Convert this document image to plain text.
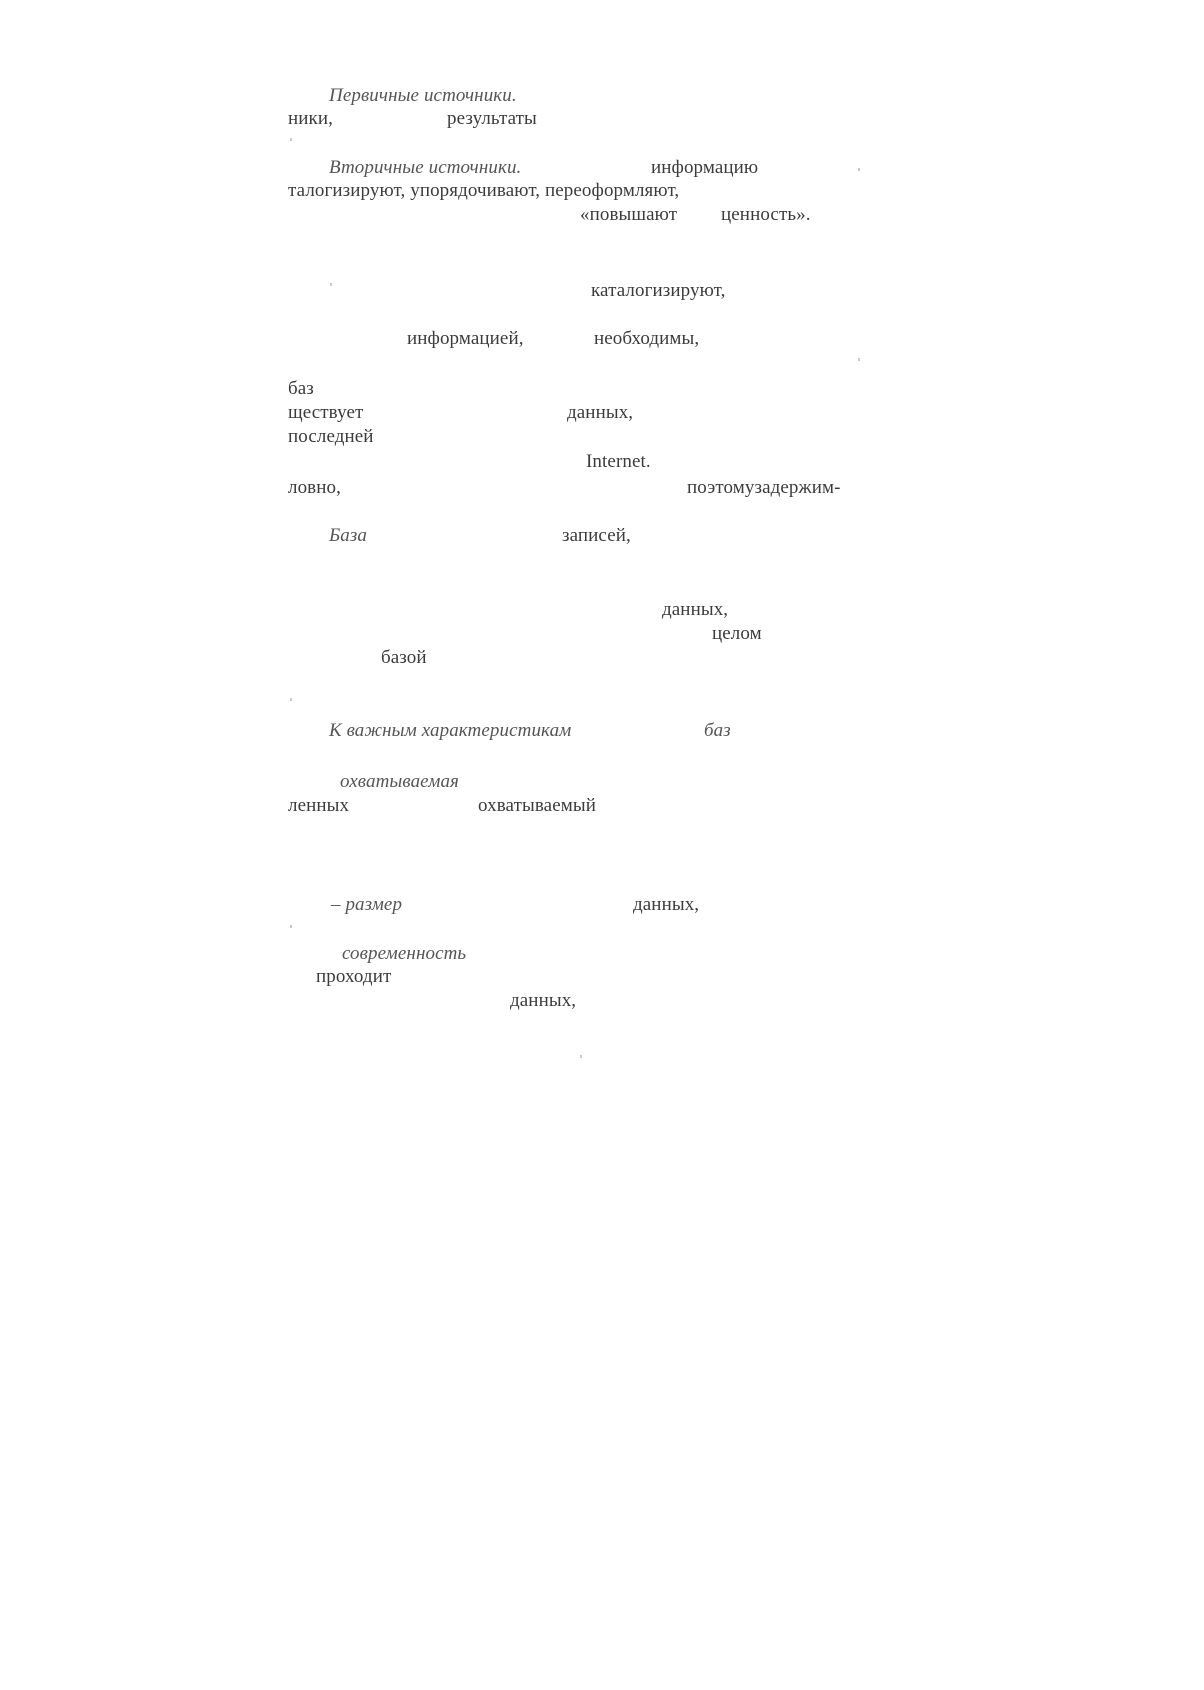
Первичные источники.
ники,	результаты
Вторичные источники.	информацию
талогизируют, упорядочивают, переоформляют,
«повышают ценность».
каталогизируют,
информацией,	необходимы,
баз
ществует	данных,
последней
Internet.
ловно,	поэтомузадержим-
База	записей,
данных,
целом
базой
К важным характеристикам	баз
охватываемая
ленных	охватываемый
– размер	данных,
современность
проходит
данных,
